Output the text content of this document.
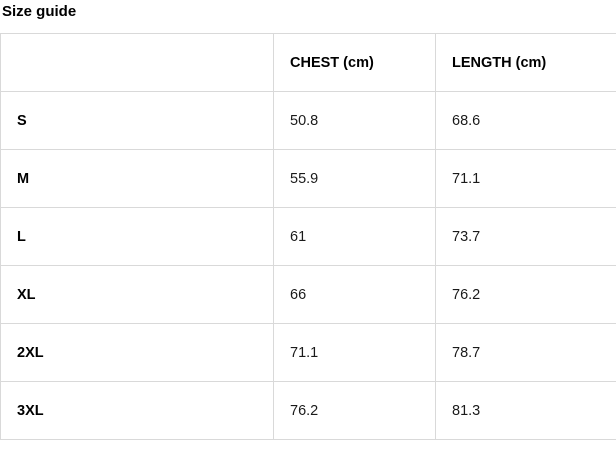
Size guide
	CHEST (cm)	LENGTH (cm)
S	50.8	68.6
M	55.9	71.1
L	61	73.7
XL	66	76.2
2XL	71.1	78.7
3XL	76.2	81.3
